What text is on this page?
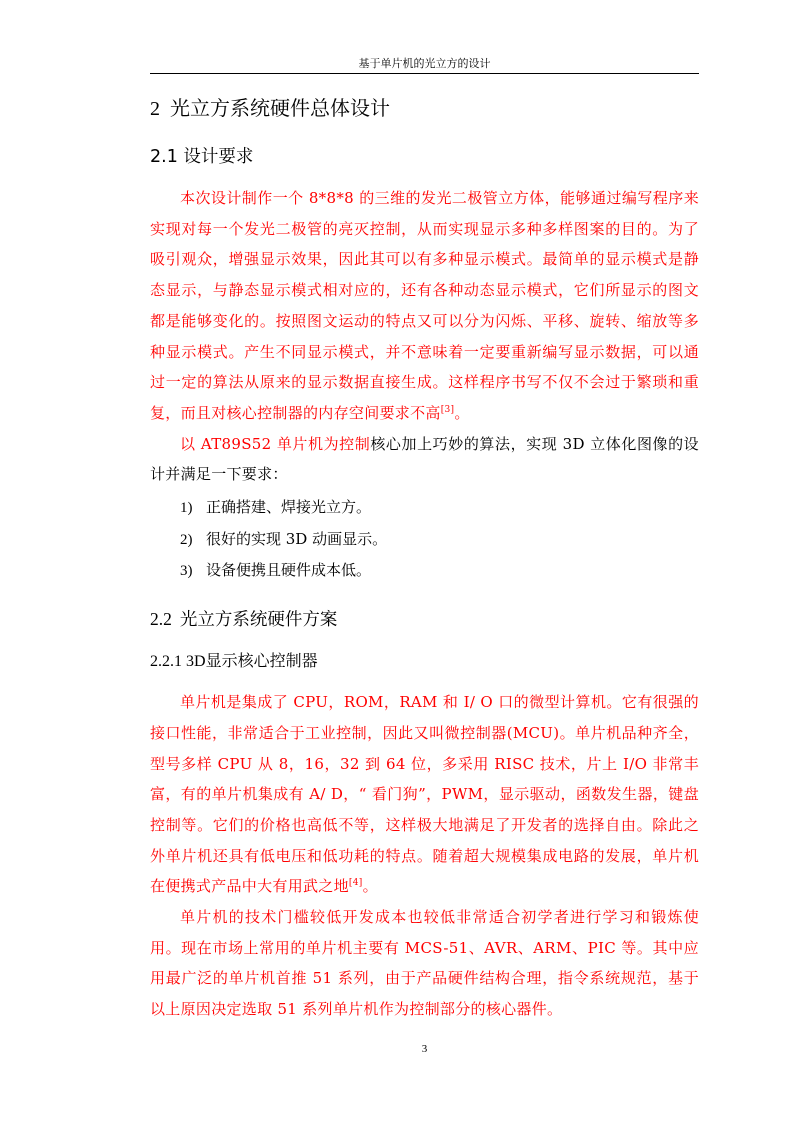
基于单片机的光立方的设计
2 光立方系统硬件总体设计
2.1 设计要求

本次设计制作一个 8*8*8 的三维的发光二极管立方体，能够通过编写程序来实现对每一个发光二极管的亮灭控制，从而实现显示多种多样图案的目的。为了吸引观众，增强显示效果，因此其可以有多种显示模式。最简单的显示模式是静态显示，与静态显示模式相对应的，还有各种动态显示模式，它们所显示的图文都是能够变化的。按照图文运动的特点又可以分为闪烁、平移、旋转、缩放等多种显示模式。产生不同显示模式，并不意味着一定要重新编写显示数据，可以通过一定的算法从原来的显示数据直接生成。这样程序书写不仅不会过于繁琐和重复，而且对核心控制器的内存空间要求不高[3]。

以 AT89S52 单片机为控制核心加上巧妙的算法，实现 3D 立体化图像的设计并满足一下要求：

1) 正确搭建、焊接光立方。
2) 很好的实现 3D 动画显示。
3) 设备便携且硬件成本低。
2.2 光立方系统硬件方案
2.2.1 3D显示核心控制器

单片机是集成了 CPU，ROM，RAM 和 I/ O 口的微型计算机。它有很强的接口性能，非常适合于工业控制，因此又叫微控制器(MCU)。单片机品种齐全，型号多样 CPU 从 8，16，32 到 64 位，多采用 RISC 技术，片上 I/O 非常丰富，有的单片机集成有 A/ D，“ 看门狗”，PWM，显示驱动，函数发生器，键盘控制等。它们的价格也高低不等，这样极大地满足了开发者的选择自由。除此之外单片机还具有低电压和低功耗的特点。随着超大规模集成电路的发展，单片机在便携式产品中大有用武之地[4]。

单片机的技术门槛较低开发成本也较低非常适合初学者进行学习和锻炼使用。现在市场上常用的单片机主要有 MCS-51、AVR、ARM、PIC 等。其中应用最广泛的单片机首推 51 系列，由于产品硬件结构合理，指令系统规范，基于以上原因决定选取 51 系列单片机作为控制部分的核心器件。

3
